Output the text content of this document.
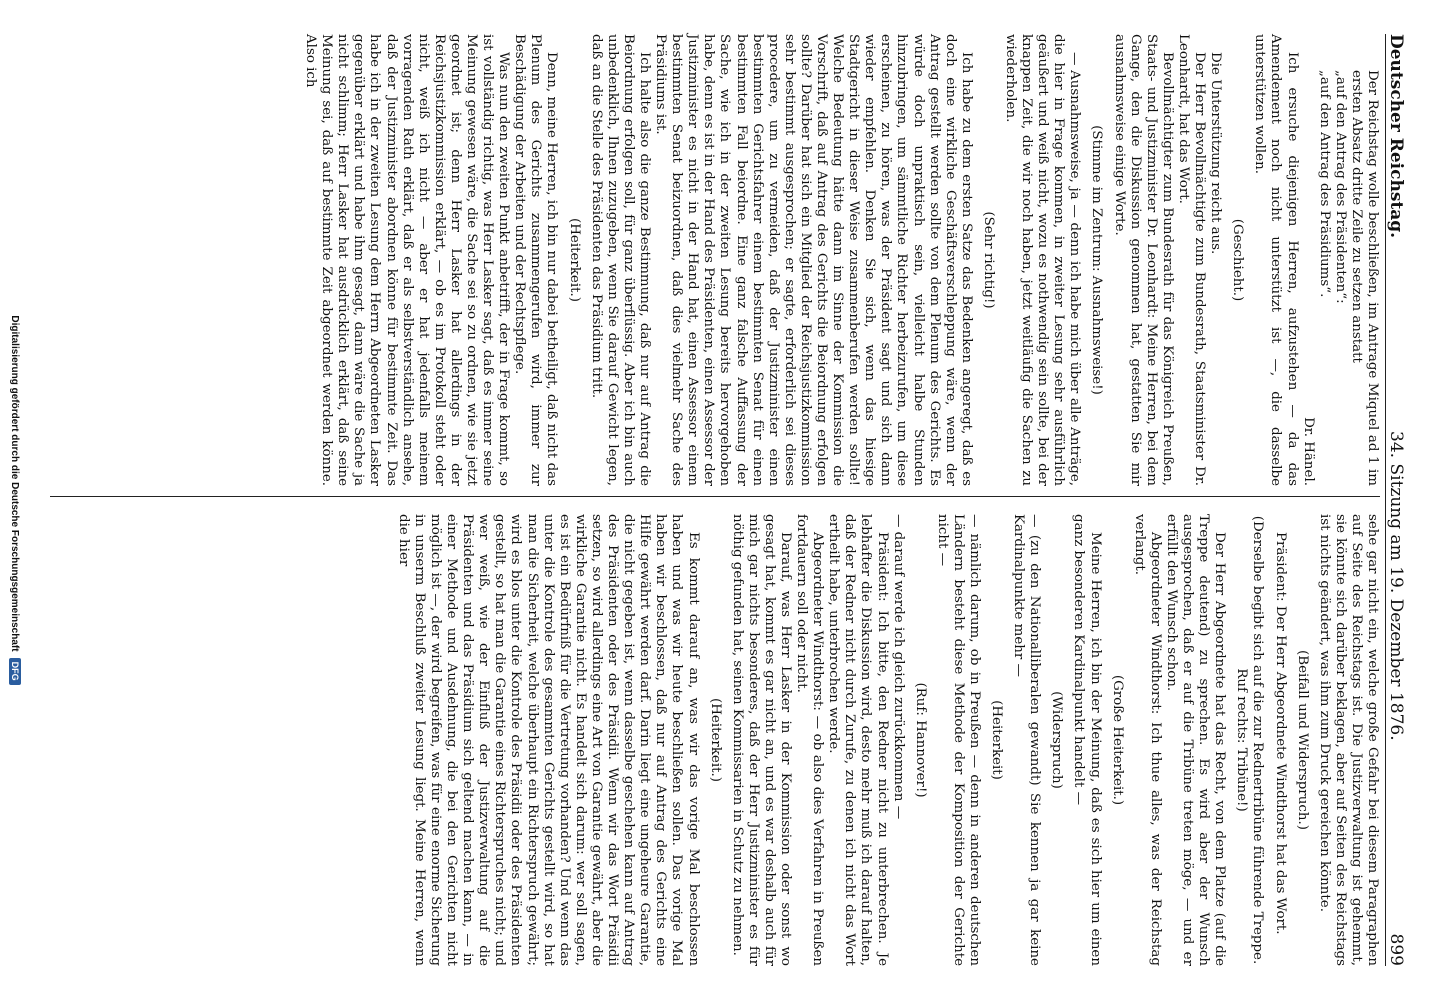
Deutscher Reichstag.
34. Sitzung am 19. Dezember 1876.
899

Der Reichstag wolle beschließen, im Antrage Miquel ad 1 im ersten Absatz dritte Zeile zu setzen anstatt

„auf den Antrag des Präsidenten“:

„auf den Antrag des Präsidiums“.

Dr. Hänel.

Ich ersuche diejenigen Herren, aufzustehen — da das Amendement noch nicht unterstützt ist —, die dasselbe unterstützen wollen.

(Geschieht.)

Die Unterstützung reicht aus.

Der Herr Bevollmächtigte zum Bundesrath, Staatsminister Dr. Leonhardt, hat das Wort.

Bevollmächtigter zum Bundesrath für das Königreich Preußen, Staats- und Justizminister Dr. Leonhardt: Meine Herren, bei dem Gange, den die Diskussion genommen hat, gestatten Sie mir ausnahmsweise einige Worte.

(Stimme im Zentrum: Ausnahmsweise!)

— Ausnahmsweise, ja — denn ich habe mich über alle Anträge, die hier in Frage kommen, in zweiter Lesung sehr ausführlich geäußert und weiß nicht, wozu es nothwendig sein sollte, bei der knappen Zeit, die wir noch haben, jetzt weitläufig die Sachen zu wiederholen.

(Sehr richtig!)

Ich habe zu dem ersten Satze das Bedenken angeregt, daß es doch eine wirkliche Geschäftsverschleppung wäre, wenn der Antrag gestellt werden sollte von dem Plenum des Gerichts. Es würde doch unpraktisch sein, vielleicht halbe Stunden hinzubringen, um sämmtliche Richter herbeizurufen, um diese erscheinen, zu hören, was der Präsident sagt und sich dann wieder empfehlen. Denken Sie sich, wenn das hiesige Stadtgericht in dieser Weise zusammenberufen werden sollte! Welche Bedeutung hätte dann im Sinne der Kommission die Vorschrift, daß auf Antrag des Gerichts die Beiordnung erfolgen sollte? Darüber hat sich ein Mitglied der Reichsjustizkommission sehr bestimmt ausgesprochen; er sagte, erforderlich sei dieses procedere, um zu vermeiden, daß der Justizminister einen bestimmten Gerichtsfahrer einem bestimmten Senat für einen bestimmten Fall beiordne. Eine ganz falsche Auffassung der Sache, wie ich in der zweiten Lesung bereits hervorgehoben habe, denn es ist in der Hand des Präsidenten, einen Assessor der Justizminister es nicht in der Hand hat, einen Assessor einem bestimmten Senat beizuordnen, daß dies vielmehr Sache des Präsidiums ist.

Ich halte also die ganze Bestimmung, daß nur auf Antrag die Beiordnung erfolgen soll, für ganz überflüssig. Aber ich bin auch unbedenklich, Ihnen zuzugeben, wenn Sie darauf Gewicht legen, daß an die Stelle des Präsidenten das Präsidium tritt.

(Heiterkeit.)

Denn, meine Herren, ich bin nur dabei betheiligt, daß nicht das Plenum des Gerichts zusammengerufen wird, immer zur Beschädigung der Arbeiten und der Rechtspflege.

Was nun den zweiten Punkt anbetrifft, der in Frage kommt, so ist vollständig richtig, was Herr Lasker sagt, daß es immer seine Meinung gewesen wäre, die Sache sei so zu ordnen, wie sie jetzt geordnet ist; denn Herr Lasker hat allerdings in der Reichsjustizkommission erklärt, — ob es im Protokoll steht oder nicht, weiß ich nicht — aber er hat jedenfalls meinem vorragenden Rath erklärt, daß er als selbstverständlich ansehe, daß der Justizminister abordnen könne für bestimmte Zeit. Das habe ich in der zweiten Lesung dem Herrn Abgeordneten Lasker gegenüber erklärt und habe ihm gesagt, dann wäre die Sache ja nicht schlimm; Herr Lasker hat ausdrücklich erklärt, daß seine Meinung sei, daß auf bestimmte Zeit abgeordnet werden könne. Also ich

sehe gar nicht ein, welche große Gefahr bei diesem Paragraphen auf Seite des Reichstags ist. Die Justizverwaltung ist gehemmt, sie könnte sich darüber beklagen, aber auf Seiten des Reichstags ist nichts geändert, was ihm zum Druck gereichen könnte.

(Beifall und Widerspruch.)

Präsident: Der Herr Abgeordnete Windthorst hat das Wort.

(Derselbe begibt sich auf die zur Rednertribüne führende Treppe. Ruf rechts: Tribüne!)

Der Herr Abgeordnete hat das Recht, von dem Platze (auf die Treppe deutend) zu sprechen. Es wird aber der Wunsch ausgesprochen, daß er auf die Tribüne treten möge, — und er erfüllt den Wunsch schon.

Abgeordneter Windthorst: Ich thue alles, was der Reichstag verlangt.

(Große Heiterkeit.)

Meine Herren, ich bin der Meinung, daß es sich hier um einen ganz besonderen Kardinalpunkt handelt —

(Widerspruch)

— (zu den Nationalliberalen gewandt) Sie kennen ja gar keine Kardinalpunkte mehr —

(Heiterkeit)

— nämlich darum, ob in Preußen — denn in anderen deutschen Ländern besteht diese Methode der Komposition der Gerichte nicht —

(Ruf: Hannover!)

— darauf werde ich gleich zurückkommen —

Präsident: Ich bitte, den Redner nicht zu unterbrechen. Je lebhafter die Diskussion wird, desto mehr muß ich darauf halten, daß der Redner nicht durch Zurufe, zu denen ich nicht das Wort ertheilt habe, unterbrochen werde.

Abgeordneter Windthorst: — ob also dies Verfahren in Preußen fortdauern soll oder nicht.

Darauf, was Herr Lasker in der Kommission oder sonst wo gesagt hat, kommt es gar nicht an, und es war deshalb auch für mich gar nichts besonderes, daß der Herr Justizminister es für nöthig gefunden hat, seinen Kommissarien in Schutz zu nehmen.

(Heiterkeit.)

Es kommt darauf an, was wir das vorige Mal beschlossen haben und was wir heute beschließen sollen. Das vorige Mal haben wir beschlossen, daß nur auf Antrag des Gerichts eine Hilfe gewährt werden darf. Darin liegt eine ungeheure Garantie, die nicht gegeben ist, wenn dasselbe geschehen kann auf Antrag des Präsidenten oder des Präsidii. Wenn wir das Wort Präsidii setzen, so wird allerdings eine Art von Garantie gewährt, aber die wirkliche Garantie nicht. Es handelt sich darum: wer soll sagen, es ist ein Bedürfniß für die Vertretung vorhanden? Und wenn das unter die Kontrole des gesammten Gerichts gestellt wird, so hat man die Sicherheit, welche überhaupt ein Richterspruch gewährt; wird es blos unter die Kontrole des Präsidii oder des Präsidenten gestellt, so hat man die Garantie eines Richterspruches nicht; und wer weiß, wie der Einfluß der Justizverwaltung auf die Präsidenten und das Präsidium sich geltend machen kann, — in einer Methode und Ausdehnung, die bei den Gerichten nicht möglich ist —, der wird begreifen, was für eine enorme Sicherung in unserm Beschluß zweiter Lesung liegt. Meine Herren, wenn die hier

Digitalisierung gefördert durch die Deutsche Forschungsgemeinschaft
DFG
